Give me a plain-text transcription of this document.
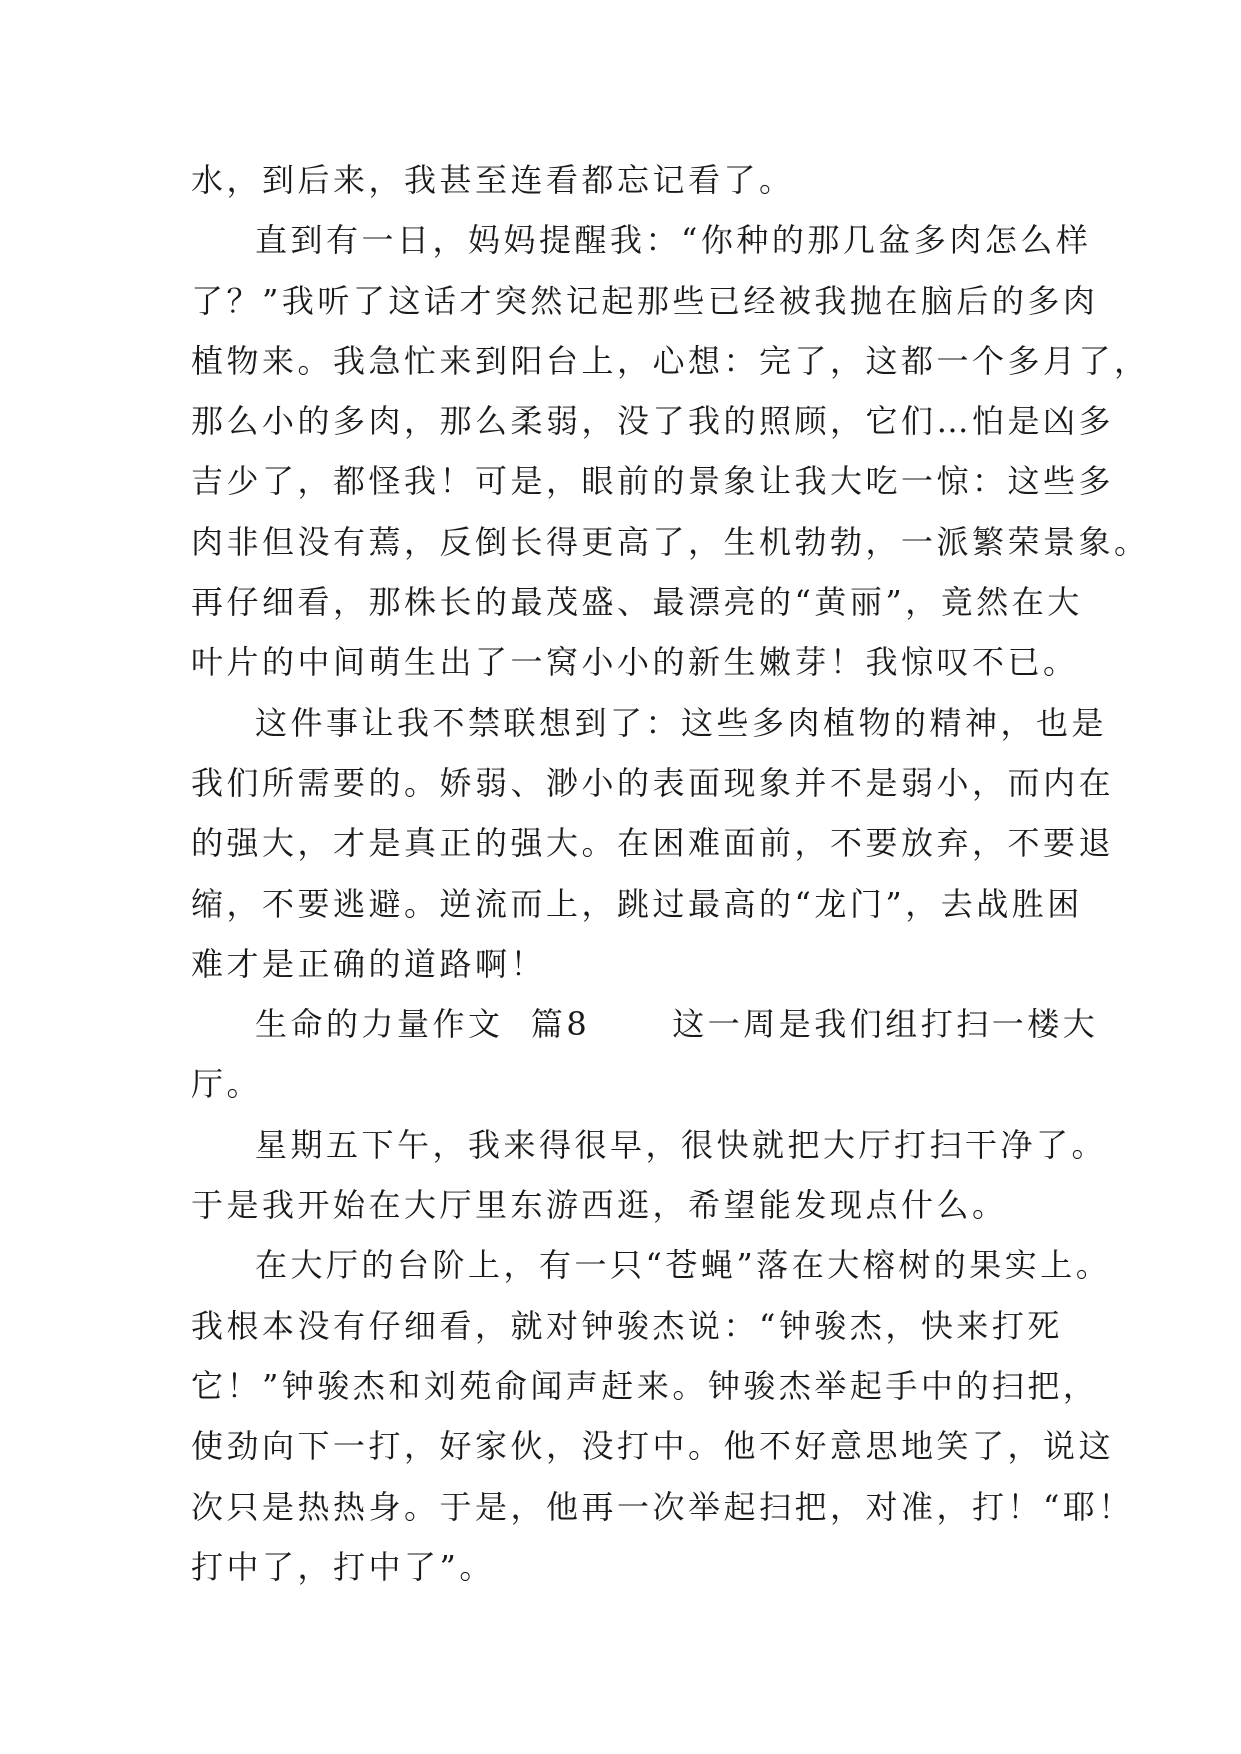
水，到后来，我甚至连看都忘记看了。

直到有一日，妈妈提醒我：“你种的那几盆多肉怎么样

了？”我听了这话才突然记起那些已经被我抛在脑后的多肉

植物来。我急忙来到阳台上，心想：完了，这都一个多月了，

那么小的多肉，那么柔弱，没了我的照顾，它们…怕是凶多

吉少了，都怪我！可是，眼前的景象让我大吃一惊：这些多

肉非但没有蔫，反倒长得更高了，生机勃勃，一派繁荣景象。

再仔细看，那株长的最茂盛、最漂亮的“黄丽”，竟然在大

叶片的中间萌生出了一窝小小的新生嫩芽！我惊叹不已。

这件事让我不禁联想到了：这些多肉植物的精神，也是

我们所需要的。娇弱、渺小的表面现象并不是弱小，而内在

的强大，才是真正的强大。在困难面前，不要放弃，不要退

缩，不要逃避。逆流而上，跳过最高的“龙门”，去战胜困

难才是正确的道路啊！

生命的力量作文  篇8      这一周是我们组打扫一楼大

厅。

星期五下午，我来得很早，很快就把大厅打扫干净了。

于是我开始在大厅里东游西逛，希望能发现点什么。

在大厅的台阶上，有一只“苍蝇”落在大榕树的果实上。

我根本没有仔细看，就对钟骏杰说：“钟骏杰，快来打死

它！”钟骏杰和刘苑俞闻声赶来。钟骏杰举起手中的扫把，

使劲向下一打，好家伙，没打中。他不好意思地笑了，说这

次只是热热身。于是，他再一次举起扫把，对准，打！“耶！

打中了，打中了”。
